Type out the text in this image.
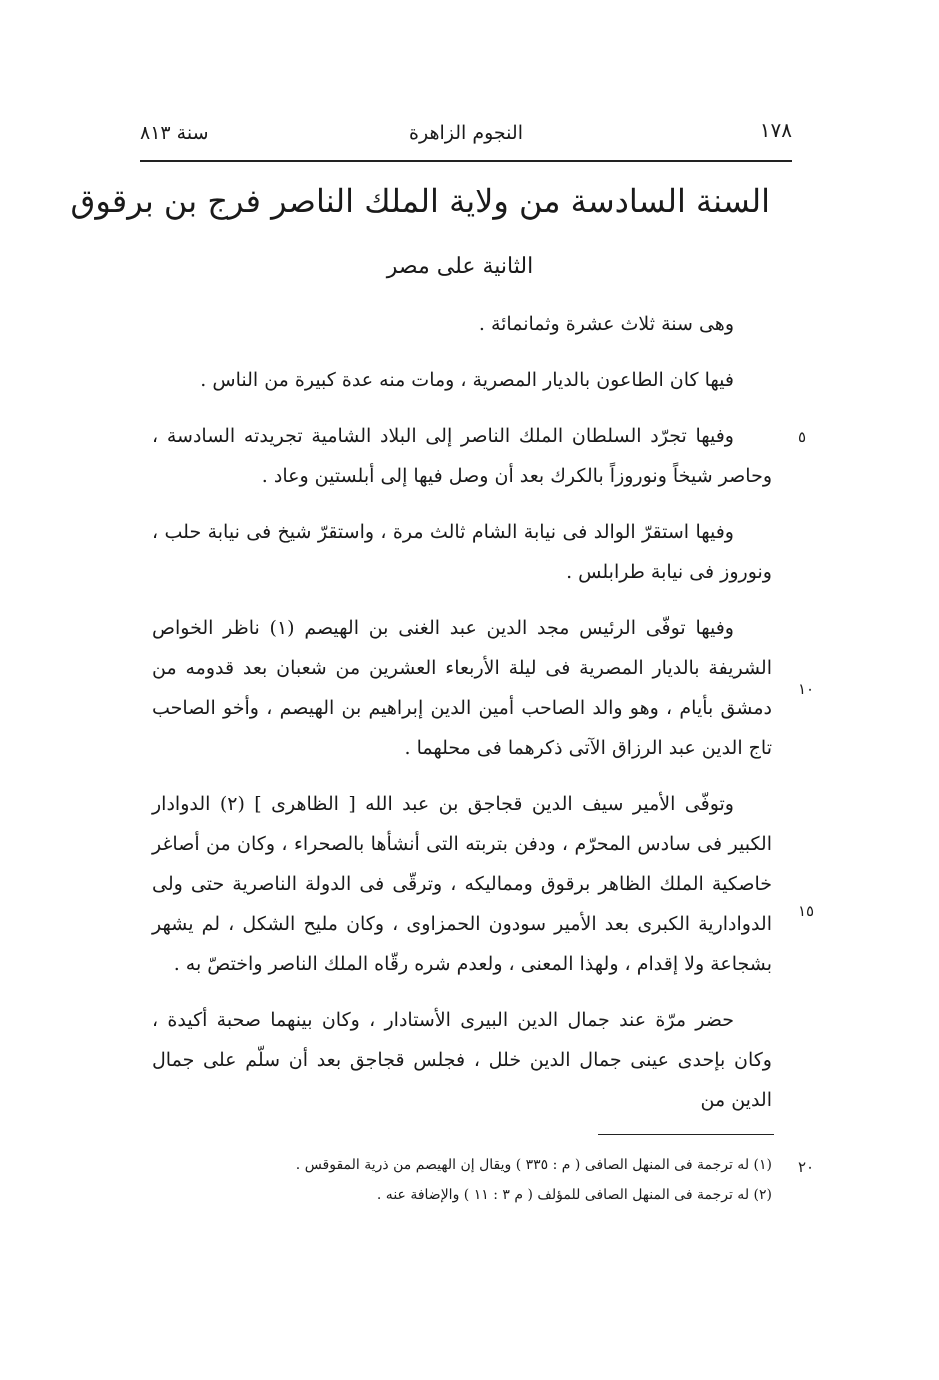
١٧٨
النجوم الزاهرة
سنة ٨١٣
السنة السادسة من ولاية الملك الناصر فرج بن برقوق
الثانية على مصر

وهى سنة ثلاث عشرة وثمانمائة .

فيها كان الطاعون بالديار المصرية ، ومات منه عدة كبيرة من الناس .

وفيها تجرّد السلطان الملك الناصر إلى البلاد الشامية تجريدته السادسة ، وحاصر شيخاً ونوروزاً بالكرك بعد أن وصل فيها إلى أبلستين وعاد .

وفيها استقرّ الوالد فى نيابة الشام ثالث مرة ، واستقرّ شيخ فى نيابة حلب ، ونوروز فى نيابة طرابلس .

وفيها توفّى الرئيس مجد الدين عبد الغنى بن الهيصم (١) ناظر الخواص الشريفة بالديار المصرية فى ليلة الأربعاء العشرين من شعبان بعد قدومه من دمشق بأيام ، وهو والد الصاحب أمين الدين إبراهيم بن الهيصم ، وأخو الصاحب تاج الدين عبد الرزاق الآتى ذكرهما فى محلهما .

وتوفّى الأمير سيف الدين قجاجق بن عبد الله [ الظاهرى ] (٢) الدوادار الكبير فى سادس المحرّم ، ودفن بتربته التى أنشأها بالصحراء ، وكان من أصاغر خاصكية الملك الظاهر برقوق ومماليكه ، وترقّى فى الدولة الناصرية حتى ولى الدوادارية الكبرى بعد الأمير سودون الحمزاوى ، وكان مليح الشكل ، لم يشهر بشجاعة ولا إقدام ، ولهذا المعنى ، ولعدم شره رقّاه الملك الناصر واختصّ به .

حضر مرّة عند جمال الدين البيرى الأستادار ، وكان بينهما صحبة أكيدة ، وكان بإحدى عينى جمال الدين خلل ، فجلس قجاجق بعد أن سلّم على جمال الدين من

٥
١٠
١٥
٢٠

(١) له ترجمة فى المنهل الصافى ( م : ٣٣٥ ) ويقال إن الهيصم من ذرية المقوقس .

(٢) له ترجمة فى المنهل الصافى للمؤلف ( م ٣ : ١١ ) والإضافة عنه .
